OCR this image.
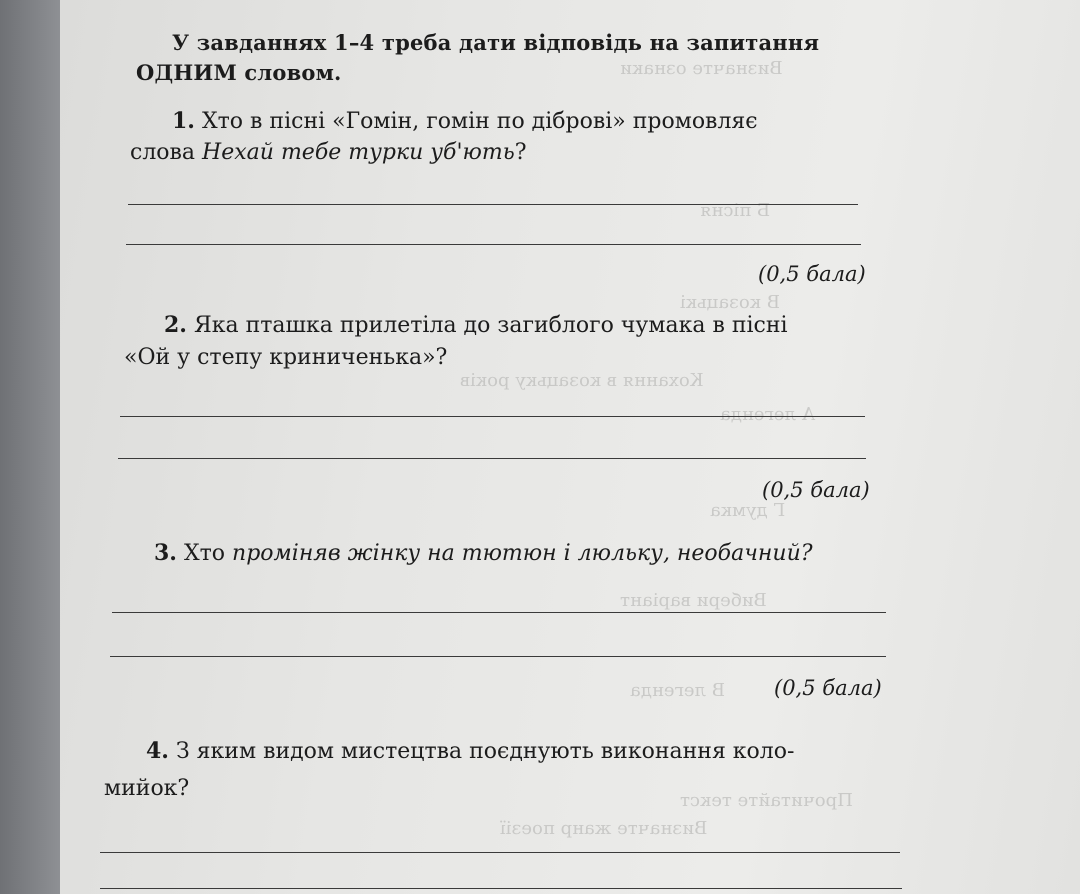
Визначте ознаки
Б пісня
В козацькі
А легенда
Г думка
Кохання в козацьку років
Вибери варіант
В легенда
Прочитайте текст
Визначте жанр поезії
У завданнях 1–4 треба дати відповідь на запитання
ОДНИМ словом.
1. Хто в пісні «Гомін, гомін по діброві» промовляє
слова Нехай тебе турки уб'ють?
(0,5 бала)
2. Яка пташка прилетіла до загиблого чумака в пісні
«Ой у степу криниченька»?
(0,5 бала)
3. Хто проміняв жінку на тютюн і люльку, необачний?
(0,5 бала)
4. З яким видом мистецтва поєднують виконання коло-
мийок?
